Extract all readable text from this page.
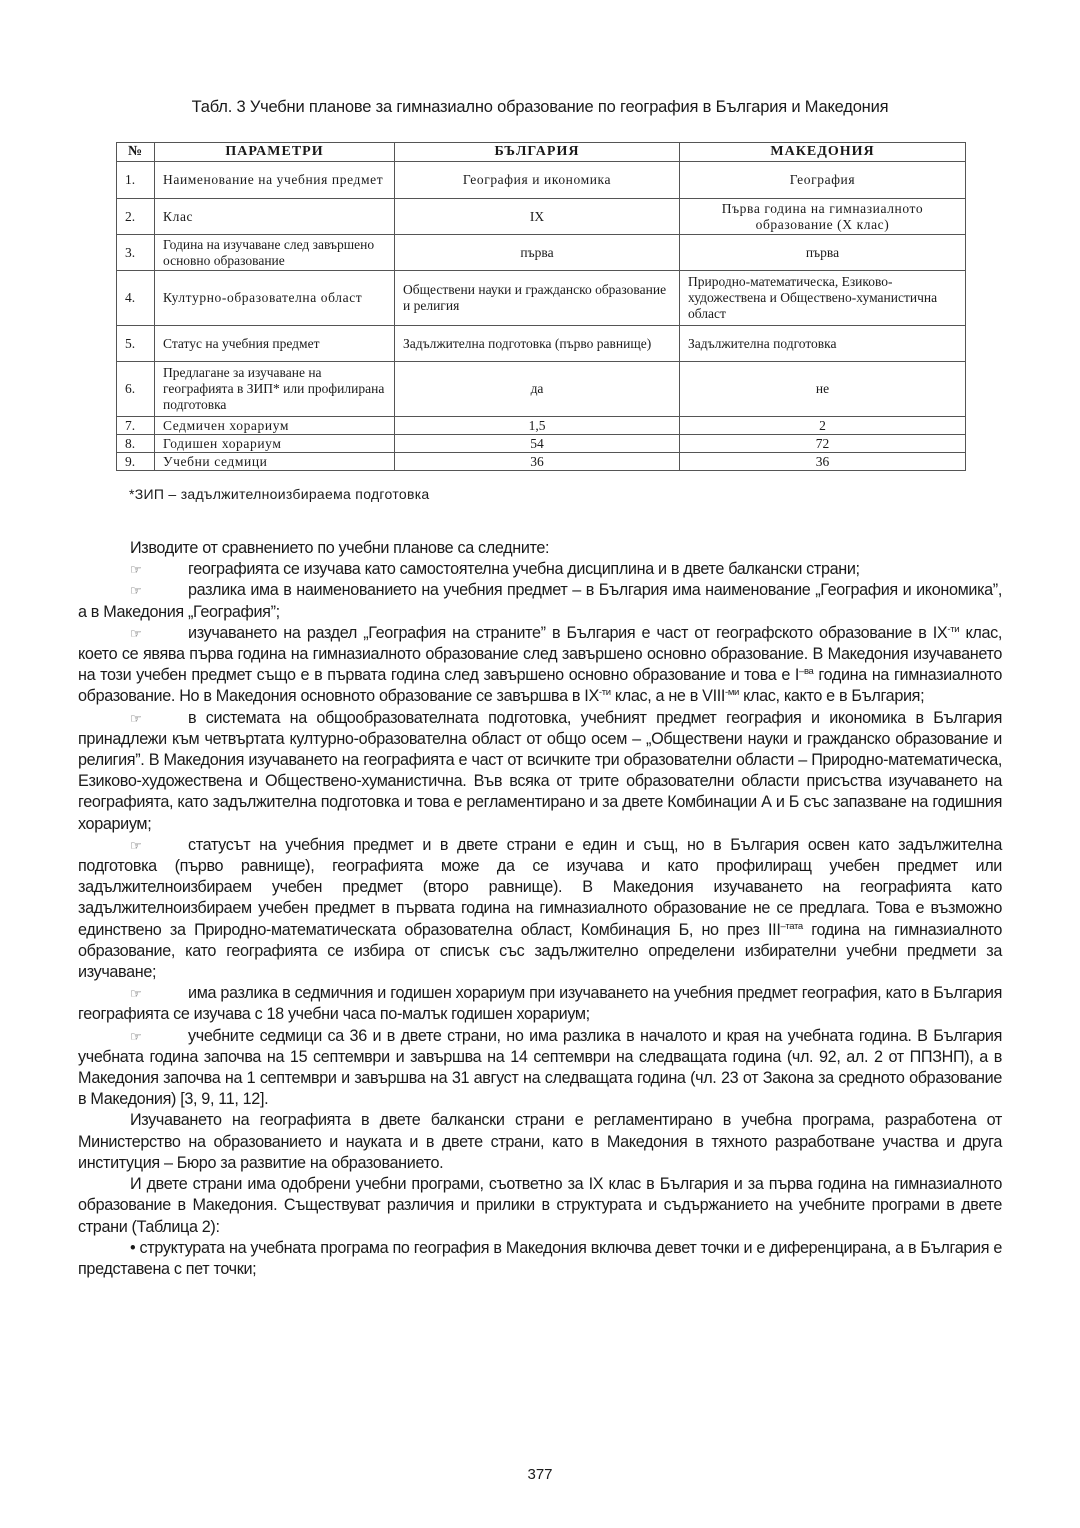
Табл. 3 Учебни планове за гимназиално образование по география в България и Македония
№	ПАРАМЕТРИ	БЪЛГАРИЯ	МАКЕДОНИЯ
1.	Наименование на учебния предмет	География и икономика	География
2.	Клас	IX	Първа година на гимназиалното образование (X клас)
3.	Година на изучаване след завършено основно образование	първа	първа
4.	Културно-образователна област	Обществени науки и гражданско образование и религия	Природно-математическа, Езиково-художествена и Обществено-хуманистична област
5.	Статус на учебния предмет	Задължителна подготовка (първо равнище)	Задължителна подготовка
6.	Предлагане за изучаване на географията в ЗИП* или профилирана подготовка	да	не
7.	Седмичен хорариум	1,5	2
8.	Годишен хорариум	54	72
9.	Учебни седмици	36	36
*ЗИП – задължителноизбираема подготовка

Изводите от сравнението по учебни планове са следните:

☞	географията се изучава като самостоятелна учебна дисциплина и в двете балкански страни;

☞	разлика има в наименованието на учебния предмет – в България има наименование „География и икономика”, а в Македония „География”;

☞	изучаването на раздел „География на страните” в България е част от географското образование в $IX^{-ти}$ клас, което се явява първа година на гимназиалното образование след завършено основно образование. В Македония изучаването на този учебен предмет също е в първата година след завършено основно образование и това е $I^{-ва}$ година на гимназиалното образование. Но в Македония основното образование се завършва в $IX^{-ти}$ клас, а не в $VIII^{-ми}$ клас, както е в България;

☞	в системата на общообразователната подготовка, учебният предмет география и икономика в България принадлежи към четвъртата културно-образователна област от общо осем – „Обществени науки и гражданско образование и религия”. В Македония изучаването на географията е част от всичките три образователни области – Природно-математическа, Езиково-художествена и Обществено-хуманистична. Във всяка от трите образователни области присъства изучаването на географията, като задължителна подготовка и това е регламентирано и за двете Комбинации А и Б със запазване на годишния хорариум;

☞	статусът на учебния предмет и в двете страни е един и същ, но в България освен като задължителна подготовка (първо равнище), географията може да се изучава и като профилиращ учебен предмет или задължителноизбираем учебен предмет (второ равнище). В Македония изучаването на географията като задължителноизбираем учебен предмет в първата година на гимназиалното образование не се предлага. Това е възможно единствено за Природно-математическата образователна област, Комбинация Б, но през $III^{-тата}$ година на гимназиалното образование, като географията се избира от списък със задължително определени избирателни учебни предмети за изучаване;

☞	има разлика в седмичния и годишен хорариум при изучаването на учебния предмет география, като в България географията се изучава с 18 учебни часа по-малък годишен хорариум;

☞	учебните седмици са 36 и в двете страни, но има разлика в началото и края на учебната година. В България учебната година започва на 15 септември и завършва на 14 септември на следващата година (чл. 92, ал. 2 от ППЗНП), а в Македония започва на 1 септември и завършва на 31 август на следващата година (чл. 23 от Закона за средното образование в Македония) [3, 9, 11, 12].

Изучаването на географията в двете балкански страни е регламентирано в учебна програма, разработена от Министерство на образованието и науката и в двете страни, като в Македония в тяхното разработване участва и друга институция – Бюро за развитие на образованието.

И двете страни има одобрени учебни програми, съответно за IX клас в България и за първа година на гимназиалното образование в Македония. Съществуват различия и прилики в структурата и съдържанието на учебните програми в двете страни (Таблица 2):

• структурата на учебната програма по география в Македония включва девет точки и е диференцирана, а в България е представена с пет точки;

377
